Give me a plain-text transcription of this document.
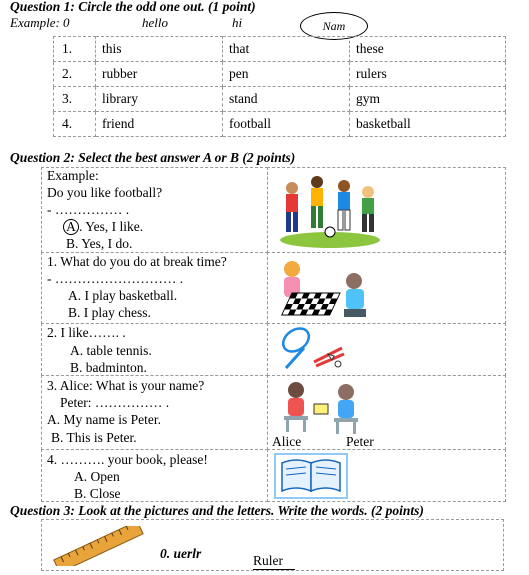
Question 1: Circle the odd one out. (1 point)
Example: 0	hello	hi	Nam
1.	this	that	these
2.	rubber	pen	rulers
3.	library	stand	gym
4.	friend	football	basketball
Question 2: Select the best answer A or B (2 points)
Example:
Do you like football?
- …………… .
A . Yes, I like.
B. Yes, I do.
1. What do you do at break time?
- ……………………… .
A. I play basketball.
B. I play chess.
2. I like……. .
A. table tennis.
B. badminton.
3. Alice: What is your name?
Peter: …………… .
A. My name is Peter.
B. This is Peter.	Alice	Peter
4. ………. your book, please!
A. Open
B. Close
Question 3: Look at the pictures and the letters. Write the words. (2 points)
0. uerlr	Ruler
